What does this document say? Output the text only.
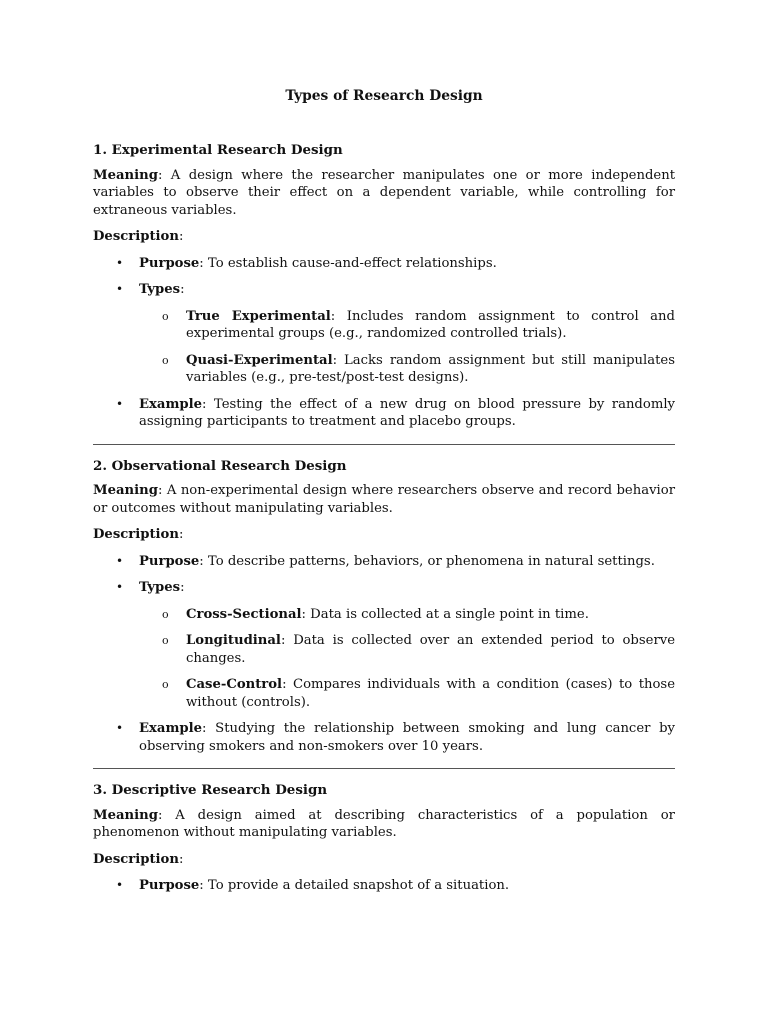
Types of Research Design
1. Experimental Research Design

Meaning: A design where the researcher manipulates one or more independent variables to observe their effect on a dependent variable, while controlling for extraneous variables.

Description:

• Purpose: To establish cause-and-effect relationships.
• Types:
o True Experimental: Includes random assignment to control and experimental groups (e.g., randomized controlled trials).
o Quasi-Experimental: Lacks random assignment but still manipulates variables (e.g., pre-test/post-test designs).
• Example: Testing the effect of a new drug on blood pressure by randomly assigning participants to treatment and placebo groups.
2. Observational Research Design

Meaning: A non-experimental design where researchers observe and record behavior or outcomes without manipulating variables.

Description:

• Purpose: To describe patterns, behaviors, or phenomena in natural settings.
• Types:
o Cross-Sectional: Data is collected at a single point in time.
o Longitudinal: Data is collected over an extended period to observe changes.
o Case-Control: Compares individuals with a condition (cases) to those without (controls).
• Example: Studying the relationship between smoking and lung cancer by observing smokers and non-smokers over 10 years.
3. Descriptive Research Design

Meaning: A design aimed at describing characteristics of a population or phenomenon without manipulating variables.

Description:

• Purpose: To provide a detailed snapshot of a situation.
